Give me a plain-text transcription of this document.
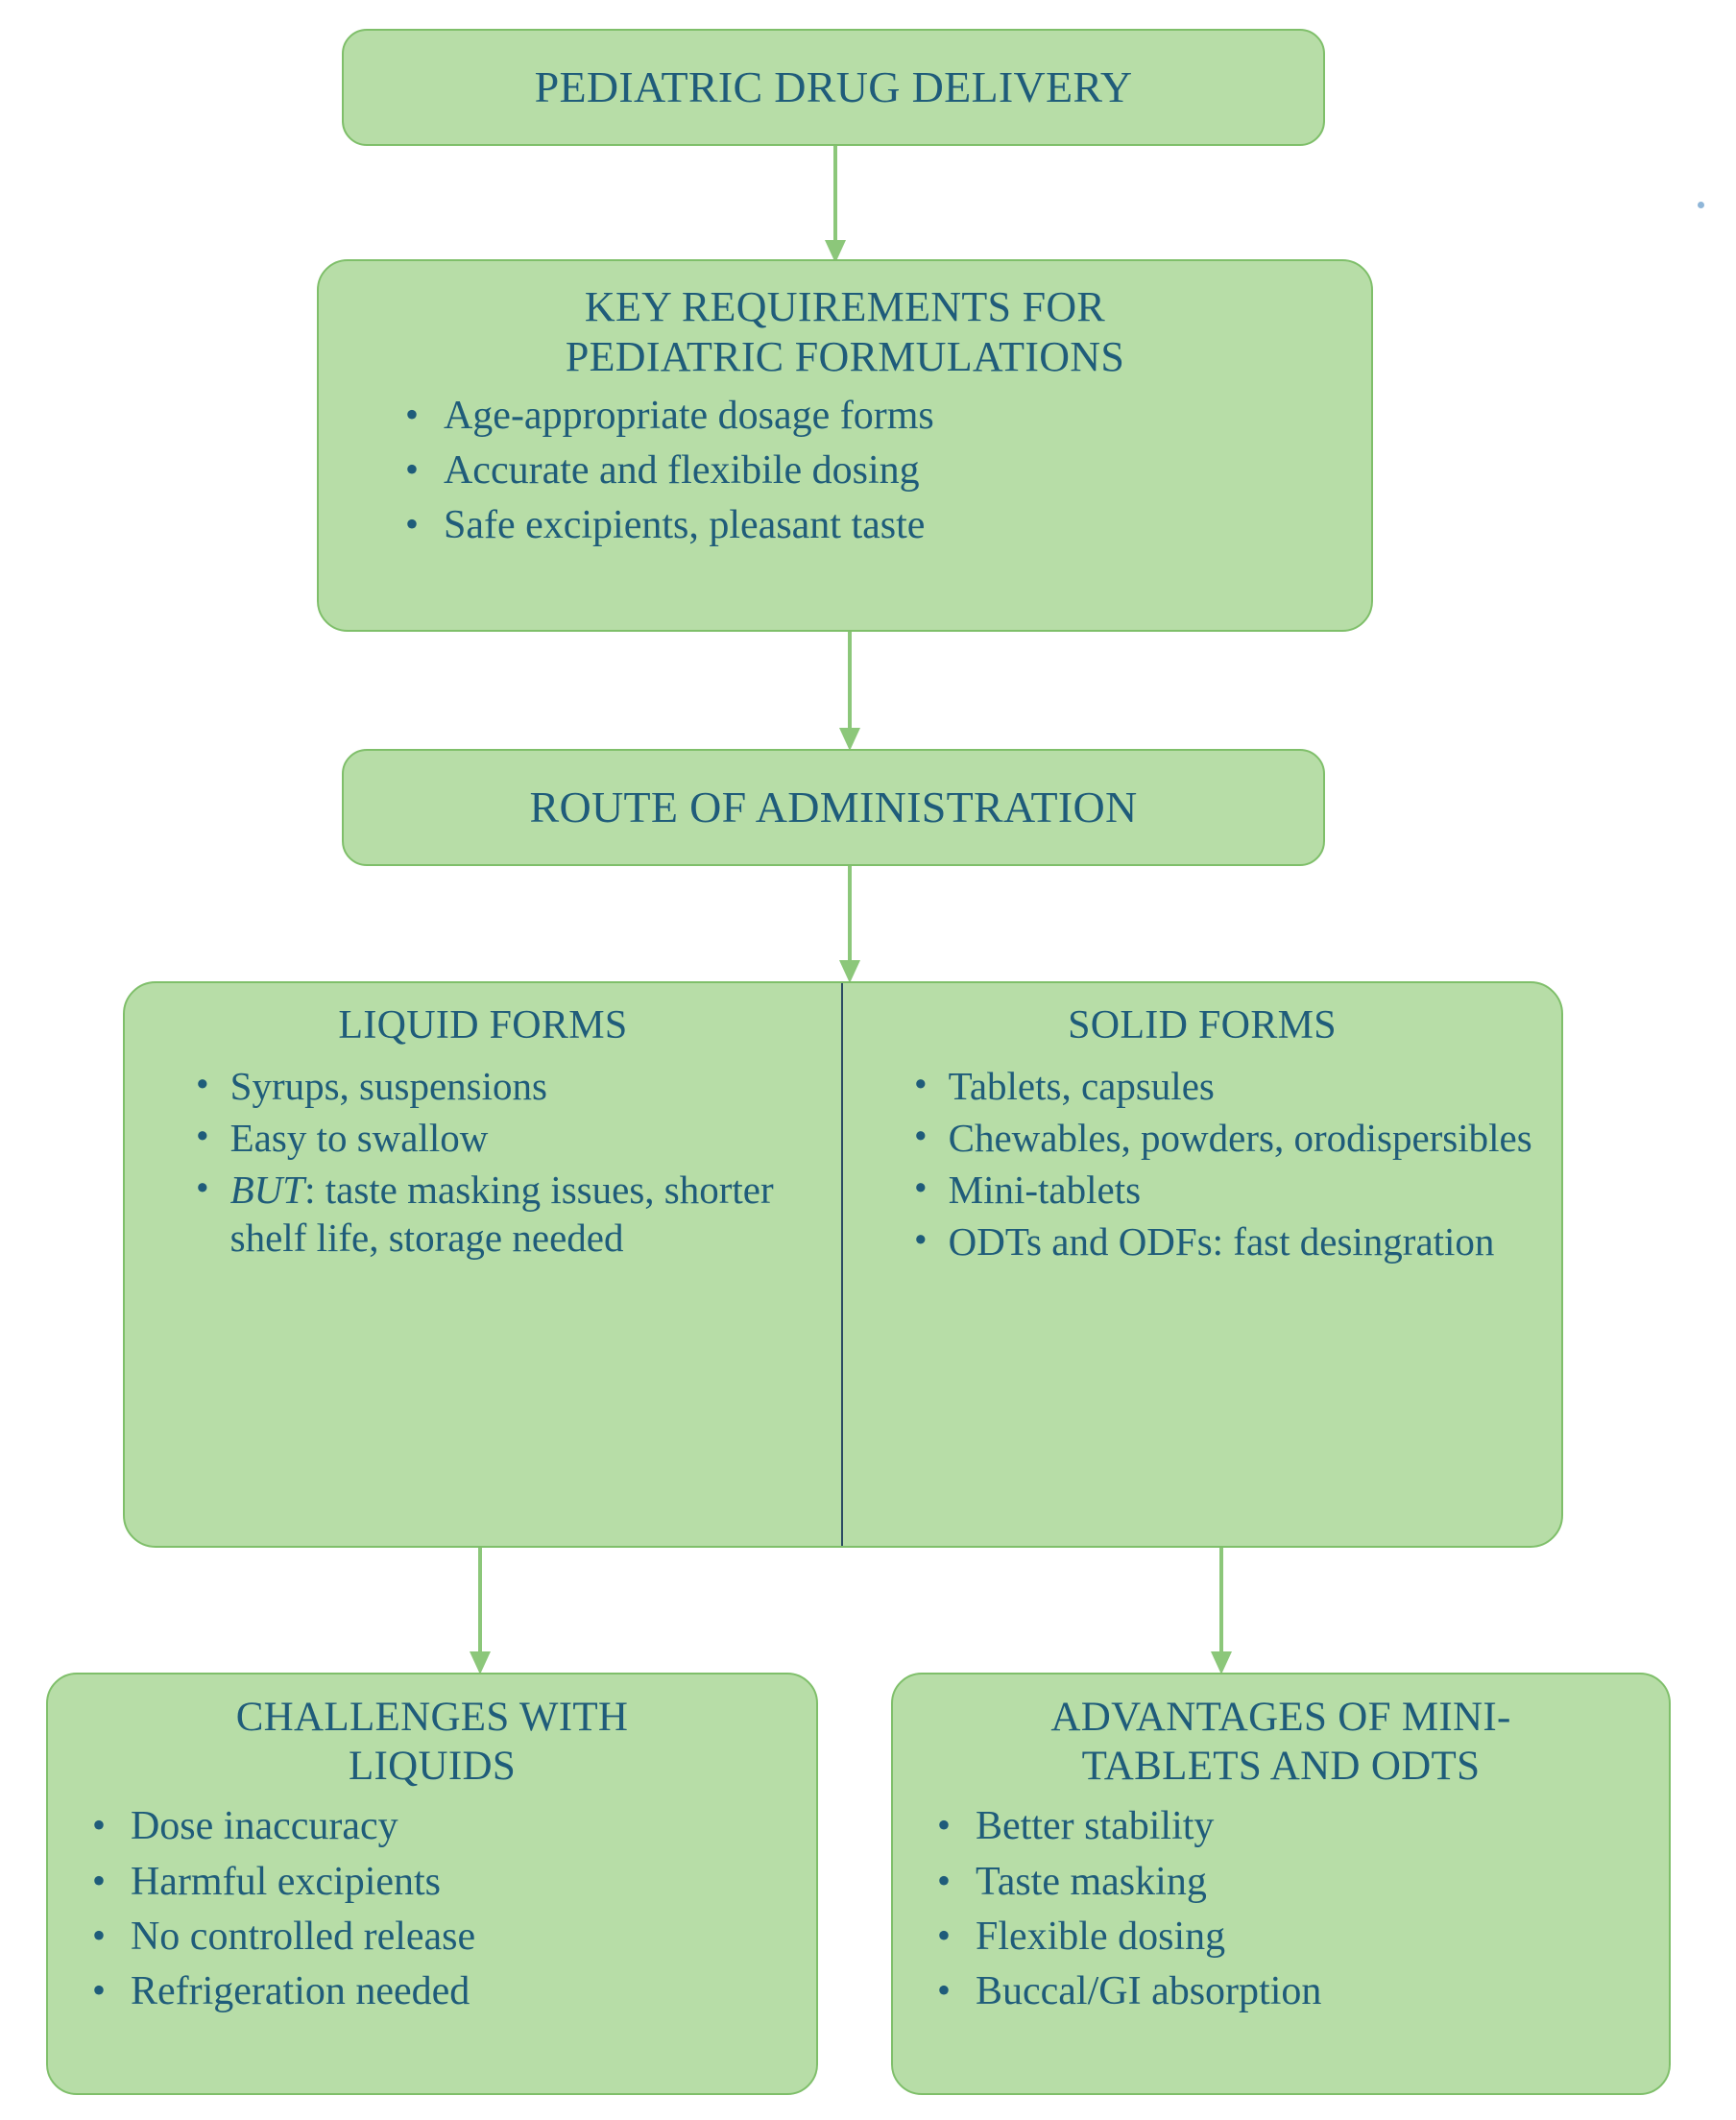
PEDIATRIC DRUG DELIVERY
KEY REQUIREMENTS FOR
PEDIATRIC FORMULATIONS
• Age-appropriate dosage forms
• Accurate and flexibile dosing
• Safe excipients, pleasant taste
ROUTE OF ADMINISTRATION
LIQUID FORMS
• Syrups, suspensions
• Easy to swallow
• BUT: taste masking issues, shorter shelf life, storage needed
SOLID FORMS
• Tablets, capsules
• Chewables, powders, orodispersibles
• Mini-tablets
• ODTs and ODFs: fast desingration
CHALLENGES WITH
LIQUIDS
• Dose inaccuracy
• Harmful excipients
• No controlled release
• Refrigeration needed
ADVANTAGES OF MINI-
TABLETS AND ODTS
• Better stability
• Taste masking
• Flexible dosing
• Buccal/GI absorption
